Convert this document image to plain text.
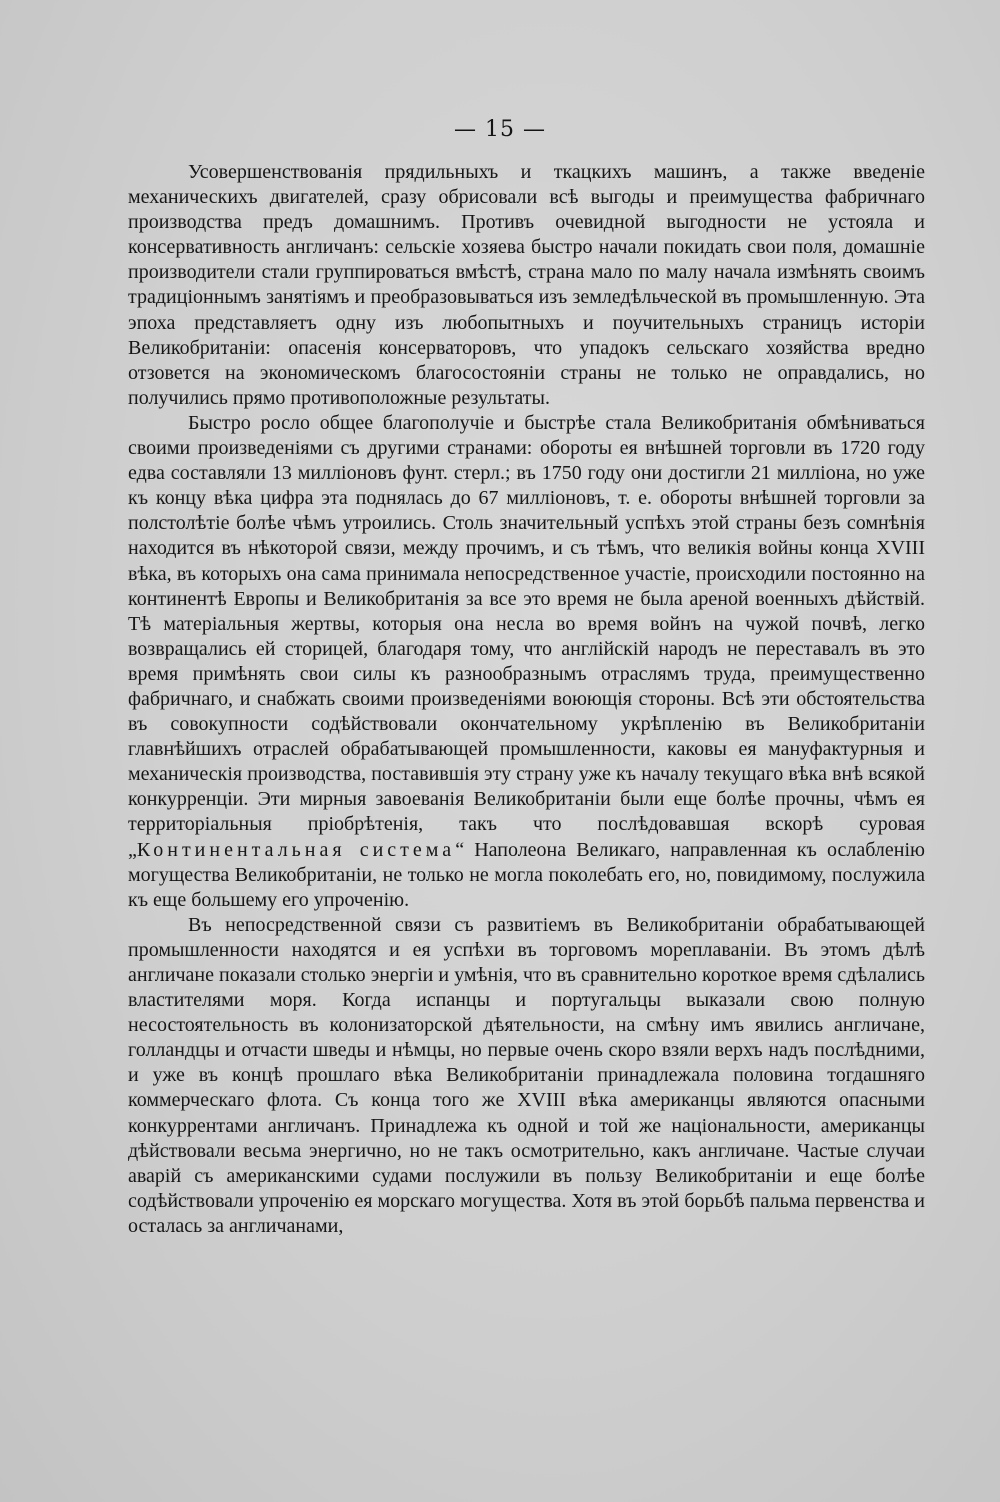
— 15 —

Усовершенствованія прядильныхъ и ткацкихъ машинъ, а также введеніе механическихъ двигателей, сразу обрисовали всѣ выгоды и преимущества фабричнаго производства предъ домашнимъ. Противъ очевидной выгодности не устояла и консервативность англичанъ: сельскіе хозяева быстро начали покидать свои поля, домашніе производители стали группироваться вмѣстѣ, страна мало по малу начала измѣнять своимъ традиціоннымъ занятіямъ и преобразовываться изъ земледѣльческой въ промышленную. Эта эпоха представляетъ одну изъ любопытныхъ и поучительныхъ страницъ исторіи Великобританіи: опасенія консерваторовъ, что упадокъ сельскаго хозяйства вредно отзовется на экономическомъ благосостояніи страны не только не оправдались, но получились прямо противоположные результаты.

Быстро росло общее благополучіе и быстрѣе стала Великобританія обмѣниваться своими произведеніями съ другими странами: обороты ея внѣшней торговли въ 1720 году едва составляли 13 милліоновъ фунт. стерл.; въ 1750 году они достигли 21 милліона, но уже къ концу вѣка цифра эта поднялась до 67 милліоновъ, т. е. обороты внѣшней торговли за полстолѣтіе болѣе чѣмъ утроились. Столь значительный успѣхъ этой страны безъ сомнѣнія находится въ нѣкоторой связи, между прочимъ, и съ тѣмъ, что великія войны конца XVIII вѣка, въ которыхъ она сама принимала непосредственное участіе, происходили постоянно на континентѣ Европы и Великобританія за все это время не была ареной военныхъ дѣйствій. Тѣ матеріальныя жертвы, которыя она несла во время войнъ на чужой почвѣ, легко возвращались ей сторицей, благодаря тому, что англійскій народъ не переставалъ въ это время примѣнять свои силы къ разнообразнымъ отраслямъ труда, преимущественно фабричнаго, и снабжать своими произведеніями воюющія стороны. Всѣ эти обстоятельства въ совокупности содѣйствовали окончательному укрѣпленію въ Великобританіи главнѣйшихъ отраслей обрабатывающей промышленности, каковы ея мануфактурныя и механическія производства, поставившія эту страну уже къ началу текущаго вѣка внѣ всякой конкурренціи. Эти мирныя завоеванія Великобританіи были еще болѣе прочны, чѣмъ ея территоріальныя пріобрѣтенія, такъ что послѣдовавшая вскорѣ суровая „Континентальная система“ Наполеона Великаго, направленная къ ослабленію могущества Великобританіи, не только не могла поколебать его, но, повидимому, послужила къ еще большему его упроченію.

Въ непосредственной связи съ развитіемъ въ Великобританіи обрабатывающей промышленности находятся и ея успѣхи въ торговомъ мореплаваніи. Въ этомъ дѣлѣ англичане показали столько энергіи и умѣнія, что въ сравнительно короткое время сдѣлались властителями моря. Когда испанцы и португальцы выказали свою полную несостоятельность въ колонизаторской дѣятельности, на смѣну имъ явились англичане, голландцы и отчасти шведы и нѣмцы, но первые очень скоро взяли верхъ надъ послѣдними, и уже въ концѣ прошлаго вѣка Великобританіи принадлежала половина тогдашняго коммерческаго флота. Съ конца того же XVIII вѣка американцы являются опасными конкуррентами англичанъ. Принадлежа къ одной и той же національности, американцы дѣйствовали весьма энергично, но не такъ осмотрительно, какъ англичане. Частые случаи аварій съ американскими судами послужили въ пользу Великобританіи и еще болѣе содѣйствовали упроченію ея морскаго могущества. Хотя въ этой борьбѣ пальма первенства и осталась за англичанами,
